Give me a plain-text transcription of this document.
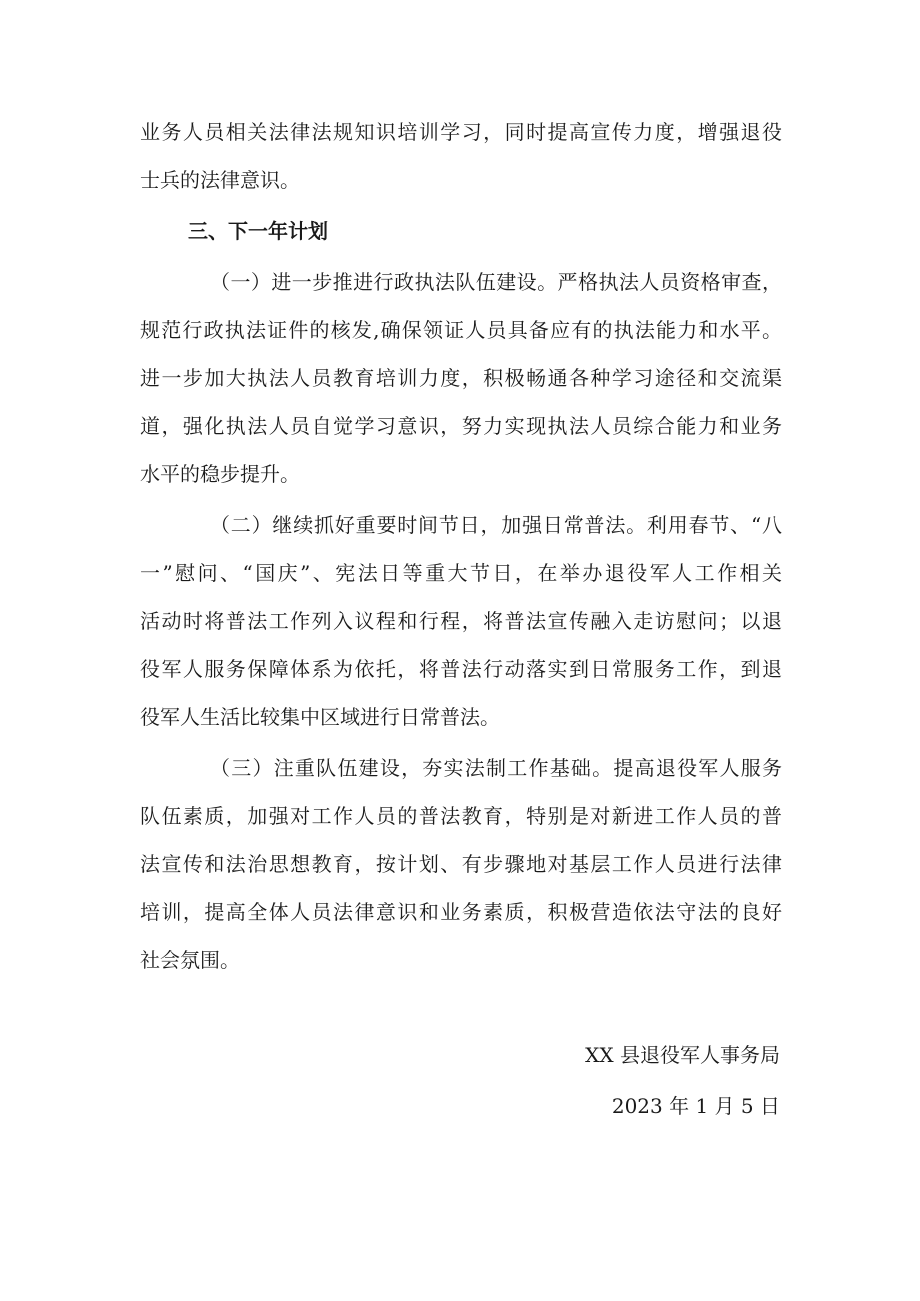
业务人员相关法律法规知识培训学习，同时提高宣传力度，增强退役
士兵的法律意识。
三、下一年计划
（一）进一步推进行政执法队伍建设。严格执法人员资格审查，
规范行政执法证件的核发,确保领证人员具备应有的执法能力和水平。
进一步加大执法人员教育培训力度，积极畅通各种学习途径和交流渠
道，强化执法人员自觉学习意识，努力实现执法人员综合能力和业务
水平的稳步提升。
（二）继续抓好重要时间节日，加强日常普法。利用春节、“八
一”慰问、“国庆”、宪法日等重大节日，在举办退役军人工作相关
活动时将普法工作列入议程和行程，将普法宣传融入走访慰问；以退
役军人服务保障体系为依托，将普法行动落实到日常服务工作，到退
役军人生活比较集中区域进行日常普法。
（三）注重队伍建设，夯实法制工作基础。提高退役军人服务
队伍素质，加强对工作人员的普法教育，特别是对新进工作人员的普
法宣传和法治思想教育，按计划、有步骤地对基层工作人员进行法律
培训，提高全体人员法律意识和业务素质，积极营造依法守法的良好
社会氛围。
XX 县退役军人事务局
2023 年 1 月 5 日
